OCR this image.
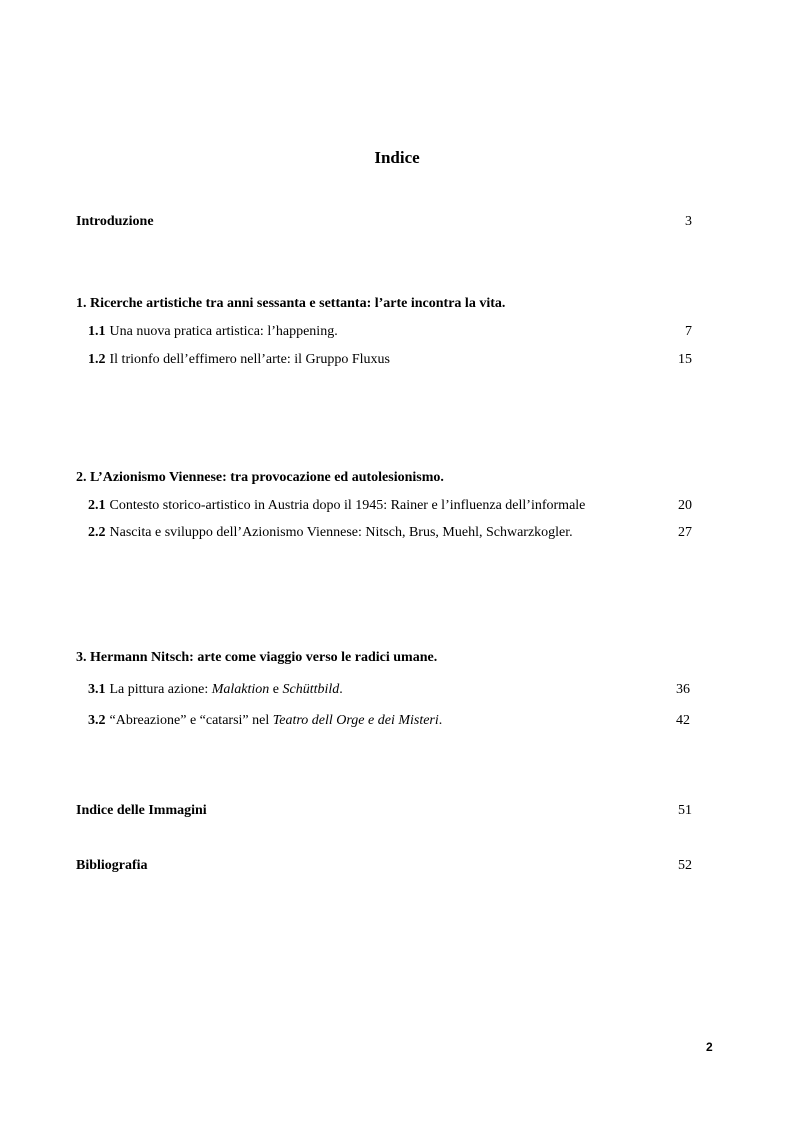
Indice
Introduzione	3
1. Ricerche artistiche tra anni sessanta e settanta: l’arte incontra la vita.
1.1 Una nuova pratica artistica: l’happening.	7
1.2 Il trionfo dell’effimero nell’arte: il Gruppo Fluxus	15
2. L’Azionismo Viennese: tra provocazione ed autolesionismo.
2.1 Contesto storico-artistico in Austria dopo il 1945: Rainer e l’influenza dell’informale	20
2.2 Nascita e sviluppo dell’Azionismo Viennese: Nitsch, Brus, Muehl, Schwarzkogler.	27
3. Hermann Nitsch: arte come viaggio verso le radici umane.
3.1 La pittura azione: Malaktion e Schüttbild.	36
3.2 “Abreazione” e “catarsi” nel Teatro dell Orge e dei Misteri.	42
Indice delle Immagini	51
Bibliografia	52
2
